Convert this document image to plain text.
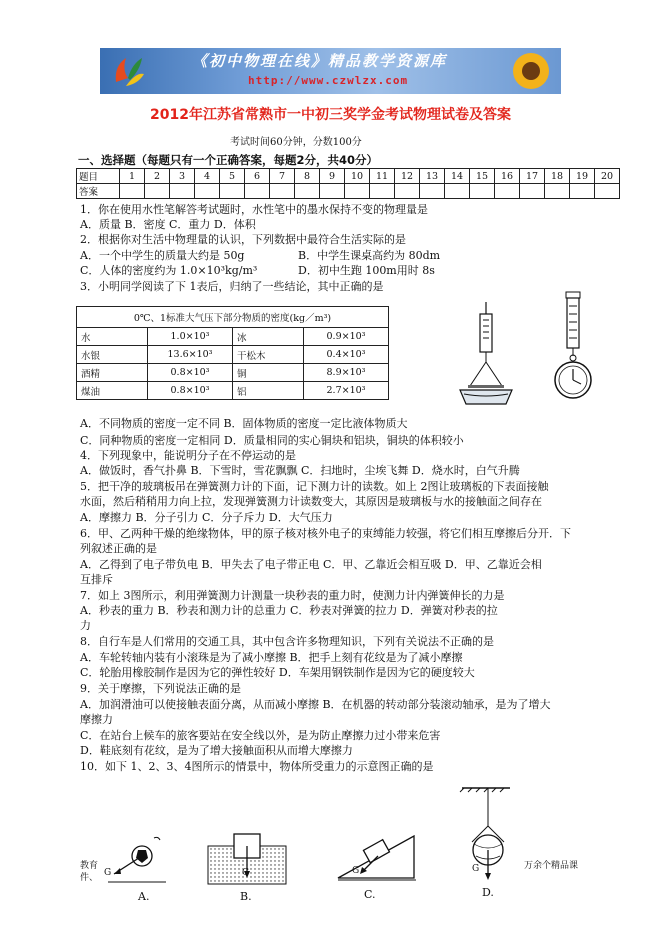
《初中物理在线》精品教学资源库
http://www.czwlzx.com
2012年江苏省常熟市一中初三奖学金考试物理试卷及答案
考试时间60分钟，分数100分
一、选择题（每题只有一个正确答案，每题2分，共40分）
题目	1	2	3	4	5	6	7	8	9	10	11	12	13	14	15	16	17	18	19	20
答案																				
1．你在使用水性笔解答考试题时，水性笔中的墨水保持不变的物理量是
A．质量 B．密度 C．重力 D．体积
2．根据你对生活中物理量的认识，下列数据中最符合生活实际的是
A．一个中学生的质量大约是 50g	B．中学生课桌高约为 80dm
C．人体的密度约为 1.0×10³kg/m³	D．初中生跑 100m用时 8s
3．小明同学阅读了下 1表后，归纳了一些结论，其中正确的是
0℃、1标准大气压下部分物质的密度(kg／m³)			
水	1.0×10³	冰	0.9×10³
水银	13.6×10³	干松木	0.4×10³
酒精	0.8×10³	铜	8.9×10³
煤油	0.8×10³	铝	2.7×10³
A．不同物质的密度一定不同 B．固体物质的密度一定比液体物质大
C．同种物质的密度一定相同 D．质量相同的实心铜块和铝块，铜块的体积较小
4．下列现象中，能说明分子在不停运动的是
A．做饭时，香气扑鼻 B．下雪时，雪花飘飘 C．扫地时，尘埃飞舞 D．烧水时，白气升腾
5．把干净的玻璃板吊在弹簧测力计的下面，记下测力计的读数。如上 2图让玻璃板的下表面接触
水面，然后稍稍用力向上拉，发现弹簧测力计读数变大，其原因是玻璃板与水的接触面之间存在
A．摩擦力 B．分子引力 C．分子斥力 D．大气压力
6．甲、乙两种干燥的绝缘物体，甲的原子核对核外电子的束缚能力较强，将它们相互摩擦后分开．下
列叙述正确的是
A．乙得到了电子带负电 B．甲失去了电子带正电 C．甲、乙靠近会相互吸 D．甲、乙靠近会相
互排斥
7．如上 3图所示，利用弹簧测力计测量一块秒表的重力时，使测力计内弹簧伸长的力是
A．秒表的重力 B．秒表和测力计的总重力 C．秒表对弹簧的拉力 D．弹簧对秒表的拉
力
8．自行车是人们常用的交通工具，其中包含许多物理知识，下列有关说法不正确的是
A．车轮转轴内装有小滚珠是为了减小摩擦 B．把手上刻有花纹是为了减小摩擦
C．轮胎用橡胶制作是因为它的弹性较好 D．车架用钢铁制作是因为它的硬度较大
9．关于摩擦，下列说法正确的是
A．加润滑油可以使接触表面分离，从而减小摩擦 B．在机器的转动部分装滚动轴承，是为了增大
摩擦力
C．在站台上候车的旅客要站在安全线以外，是为防止摩擦力过小带来危害
D．鞋底刻有花纹，是为了增大接触面积从而增大摩擦力
10．如下 1、2、3、4图所示的情景中，物体所受重力的示意图正确的是
教育
件、 G
A.
G
B.
G
C.
G
D.
万余个精品课
